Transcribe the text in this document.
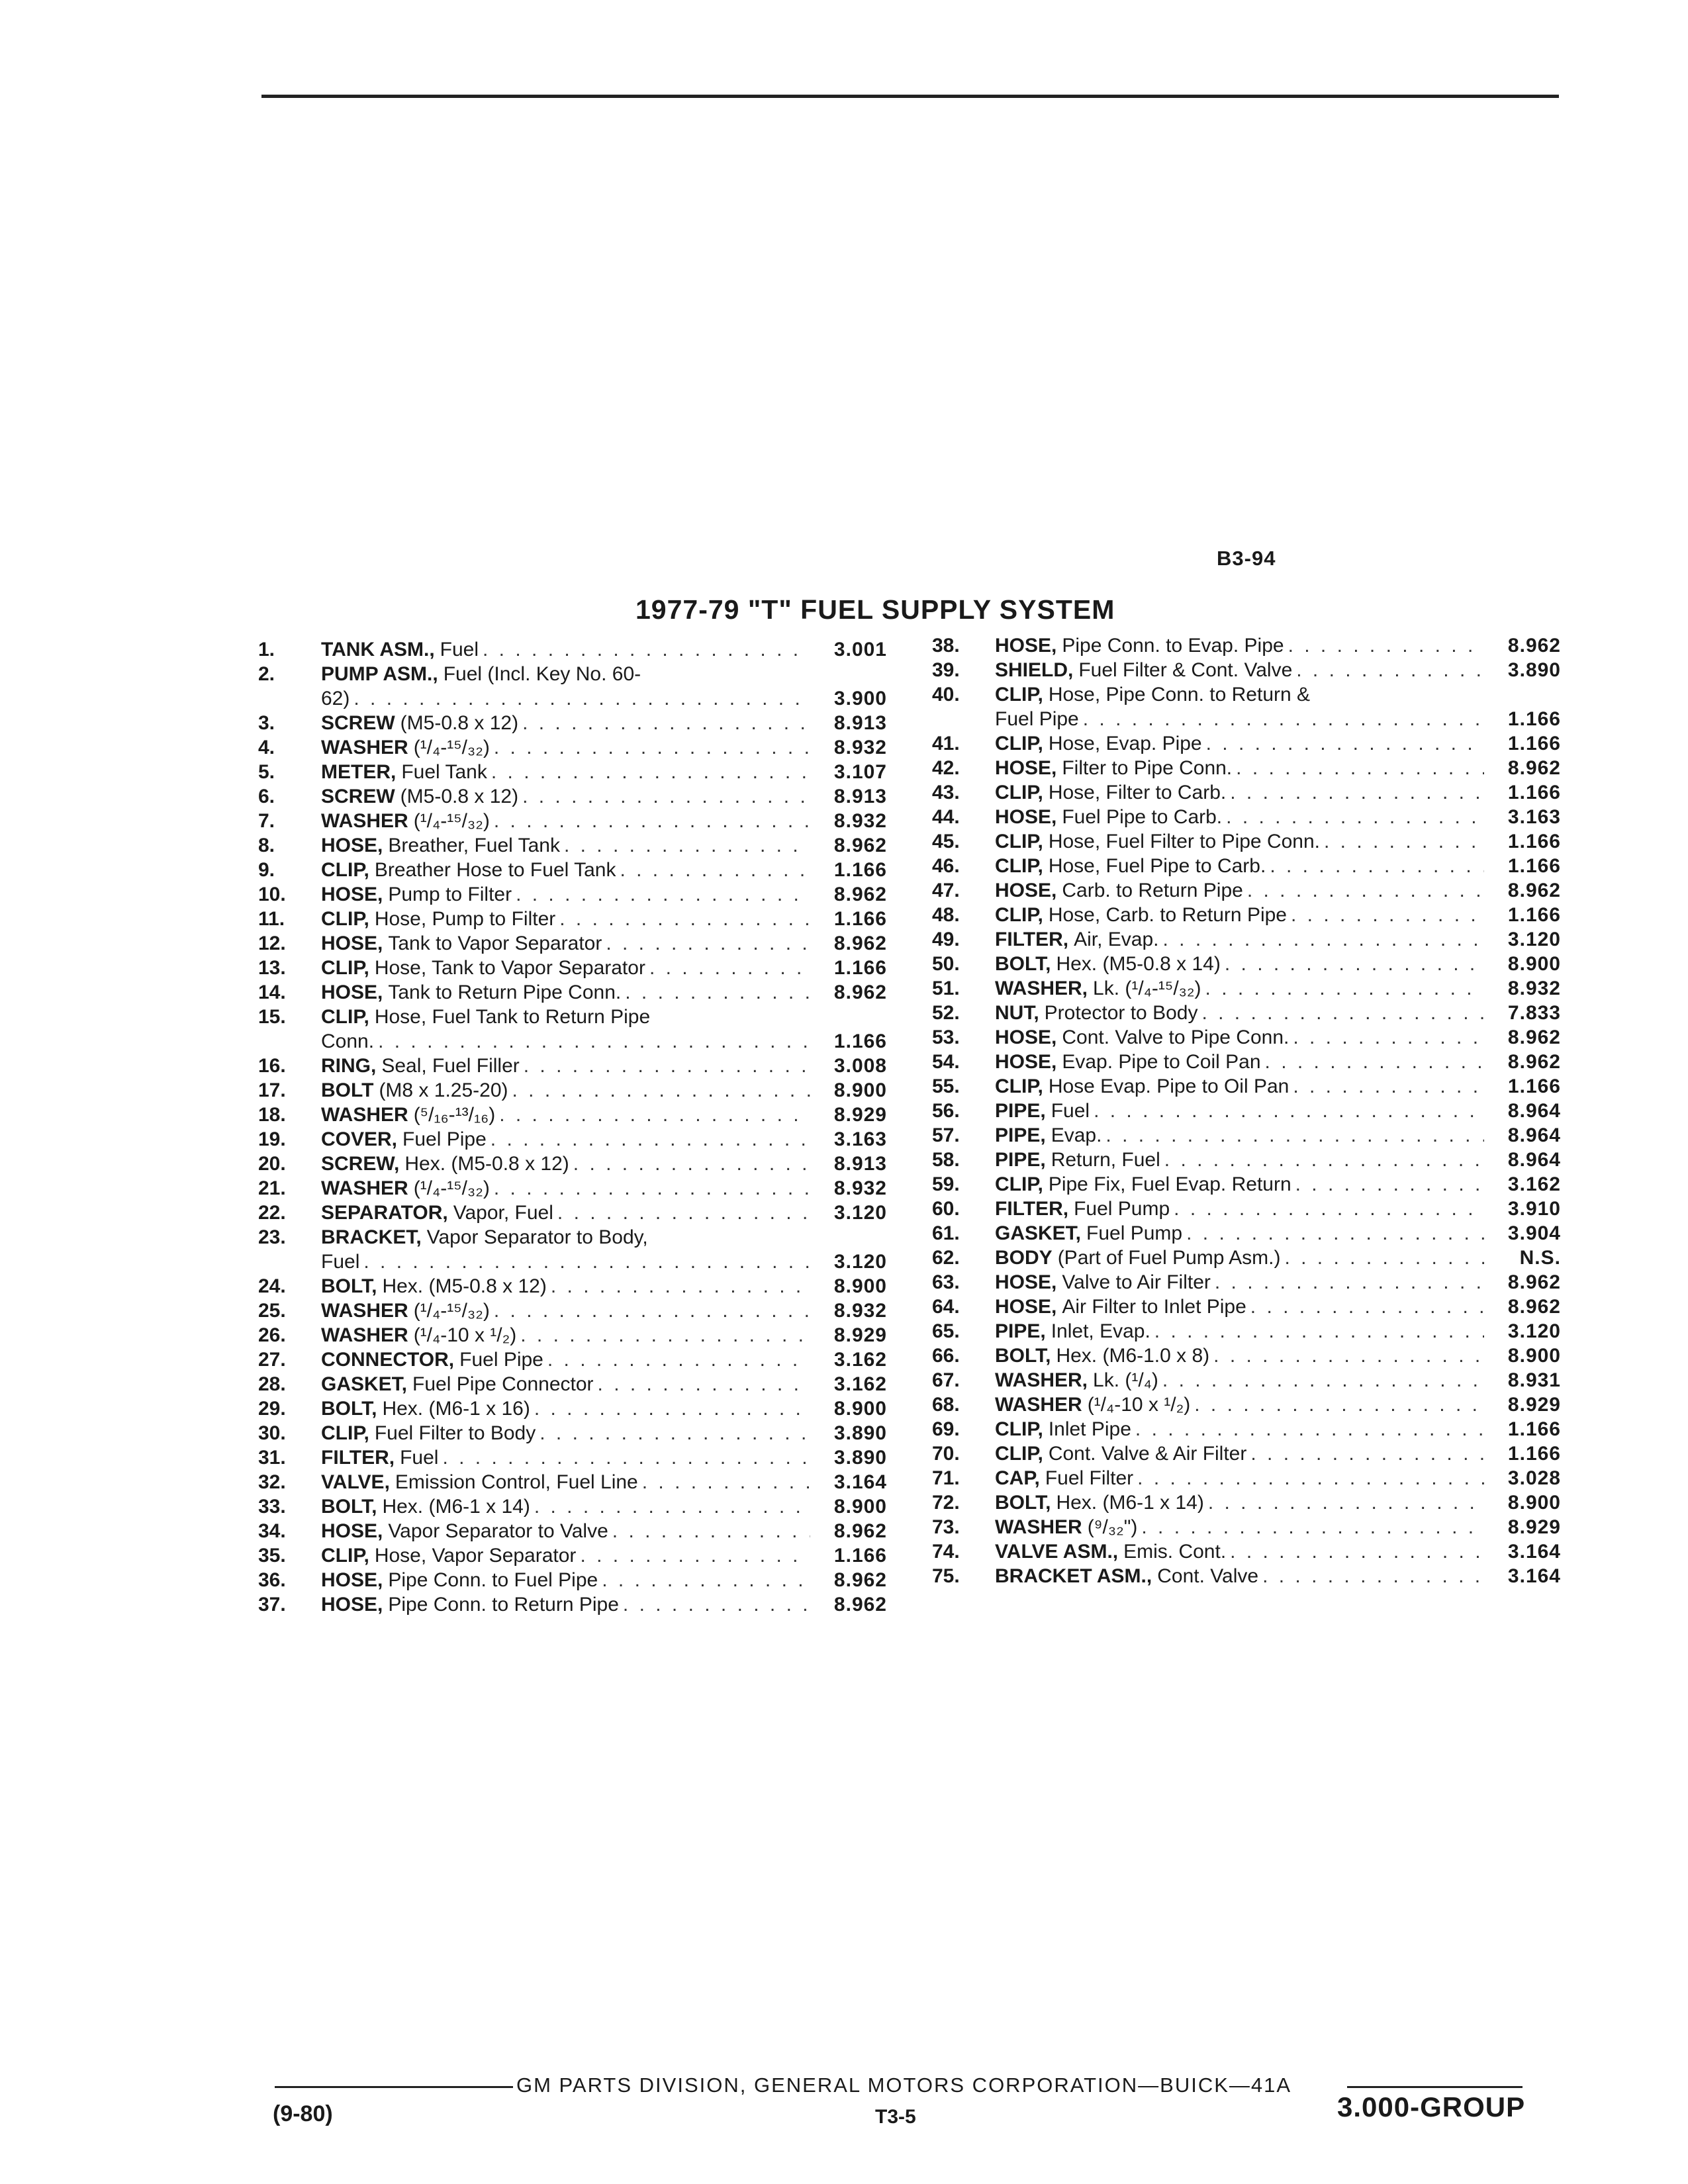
B3-94
1977-79 "T" FUEL SUPPLY SYSTEM
1.	TANK ASM., Fuel . . .	3.001
2.	PUMP ASM., Fuel (Incl. Key No. 60-
62) . . .	3.900
3.	SCREW (M5-0.8 x 12) . . .	8.913
4.	WASHER (¹/₄-¹⁵/₃₂) . . .	8.932
5.	METER, Fuel Tank . . .	3.107
6.	SCREW (M5-0.8 x 12) . . .	8.913
7.	WASHER (¹/₄-¹⁵/₃₂) . . .	8.932
8.	HOSE, Breather, Fuel Tank . . .	8.962
9.	CLIP, Breather Hose to Fuel Tank . . .	1.166
10.	HOSE, Pump to Filter . . .	8.962
11.	CLIP, Hose, Pump to Filter . . .	1.166
12.	HOSE, Tank to Vapor Separator . . .	8.962
13.	CLIP, Hose, Tank to Vapor Separator . . .	1.166
14.	HOSE, Tank to Return Pipe Conn. . . .	8.962
15.	CLIP, Hose, Fuel Tank to Return Pipe
Conn. . . .	1.166
16.	RING, Seal, Fuel Filler . . .	3.008
17.	BOLT (M8 x 1.25-20) . . .	8.900
18.	WASHER (⁵/₁₆-¹³/₁₆) . . .	8.929
19.	COVER, Fuel Pipe . . .	3.163
20.	SCREW, Hex. (M5-0.8 x 12) . . .	8.913
21.	WASHER (¹/₄-¹⁵/₃₂) . . .	8.932
22.	SEPARATOR, Vapor, Fuel . . .	3.120
23.	BRACKET, Vapor Separator to Body,
Fuel . . .	3.120
24.	BOLT, Hex. (M5-0.8 x 12) . . .	8.900
25.	WASHER (¹/₄-¹⁵/₃₂) . . .	8.932
26.	WASHER (¹/₄-10 x ¹/₂) . . .	8.929
27.	CONNECTOR, Fuel Pipe . . .	3.162
28.	GASKET, Fuel Pipe Connector . . .	3.162
29.	BOLT, Hex. (M6-1 x 16) . . .	8.900
30.	CLIP, Fuel Filter to Body . . .	3.890
31.	FILTER, Fuel . . .	3.890
32.	VALVE, Emission Control, Fuel Line . . .	3.164
33.	BOLT, Hex. (M6-1 x 14) . . .	8.900
34.	HOSE, Vapor Separator to Valve . . .	8.962
35.	CLIP, Hose, Vapor Separator . . .	1.166
36.	HOSE, Pipe Conn. to Fuel Pipe . . .	8.962
37.	HOSE, Pipe Conn. to Return Pipe . . .	8.962
38.	HOSE, Pipe Conn. to Evap. Pipe . . .	8.962
39.	SHIELD, Fuel Filter & Cont. Valve . . .	3.890
40.	CLIP, Hose, Pipe Conn. to Return &
Fuel Pipe . . .	1.166
41.	CLIP, Hose, Evap. Pipe . . .	1.166
42.	HOSE, Filter to Pipe Conn. . . .	8.962
43.	CLIP, Hose, Filter to Carb. . . .	1.166
44.	HOSE, Fuel Pipe to Carb. . . .	3.163
45.	CLIP, Hose, Fuel Filter to Pipe Conn. . . .	1.166
46.	CLIP, Hose, Fuel Pipe to Carb. . . .	1.166
47.	HOSE, Carb. to Return Pipe . . .	8.962
48.	CLIP, Hose, Carb. to Return Pipe . . .	1.166
49.	FILTER, Air, Evap. . . .	3.120
50.	BOLT, Hex. (M5-0.8 x 14) . . .	8.900
51.	WASHER, Lk. (¹/₄-¹⁵/₃₂) . . .	8.932
52.	NUT, Protector to Body . . .	7.833
53.	HOSE, Cont. Valve to Pipe Conn. . . .	8.962
54.	HOSE, Evap. Pipe to Coil Pan . . .	8.962
55.	CLIP, Hose Evap. Pipe to Oil Pan . . .	1.166
56.	PIPE, Fuel . . .	8.964
57.	PIPE, Evap. . . .	8.964
58.	PIPE, Return, Fuel . . .	8.964
59.	CLIP, Pipe Fix, Fuel Evap. Return . . .	3.162
60.	FILTER, Fuel Pump . . .	3.910
61.	GASKET, Fuel Pump . . .	3.904
62.	BODY (Part of Fuel Pump Asm.) . . .	N.S.
63.	HOSE, Valve to Air Filter . . .	8.962
64.	HOSE, Air Filter to Inlet Pipe . . .	8.962
65.	PIPE, Inlet, Evap. . . .	3.120
66.	BOLT, Hex. (M6-1.0 x 8) . . .	8.900
67.	WASHER, Lk. (¹/₄) . . .	8.931
68.	WASHER (¹/₄-10 x ¹/₂) . . .	8.929
69.	CLIP, Inlet Pipe . . .	1.166
70.	CLIP, Cont. Valve & Air Filter . . .	1.166
71.	CAP, Fuel Filter . . .	3.028
72.	BOLT, Hex. (M6-1 x 14) . . .	8.900
73.	WASHER (⁹/₃₂") . . .	8.929
74.	VALVE ASM., Emis. Cont. . . .	3.164
75.	BRACKET ASM., Cont. Valve . . .	3.164
GM PARTS DIVISION, GENERAL MOTORS CORPORATION—BUICK—41A
(9-80)	T3-5	3.000-GROUP
